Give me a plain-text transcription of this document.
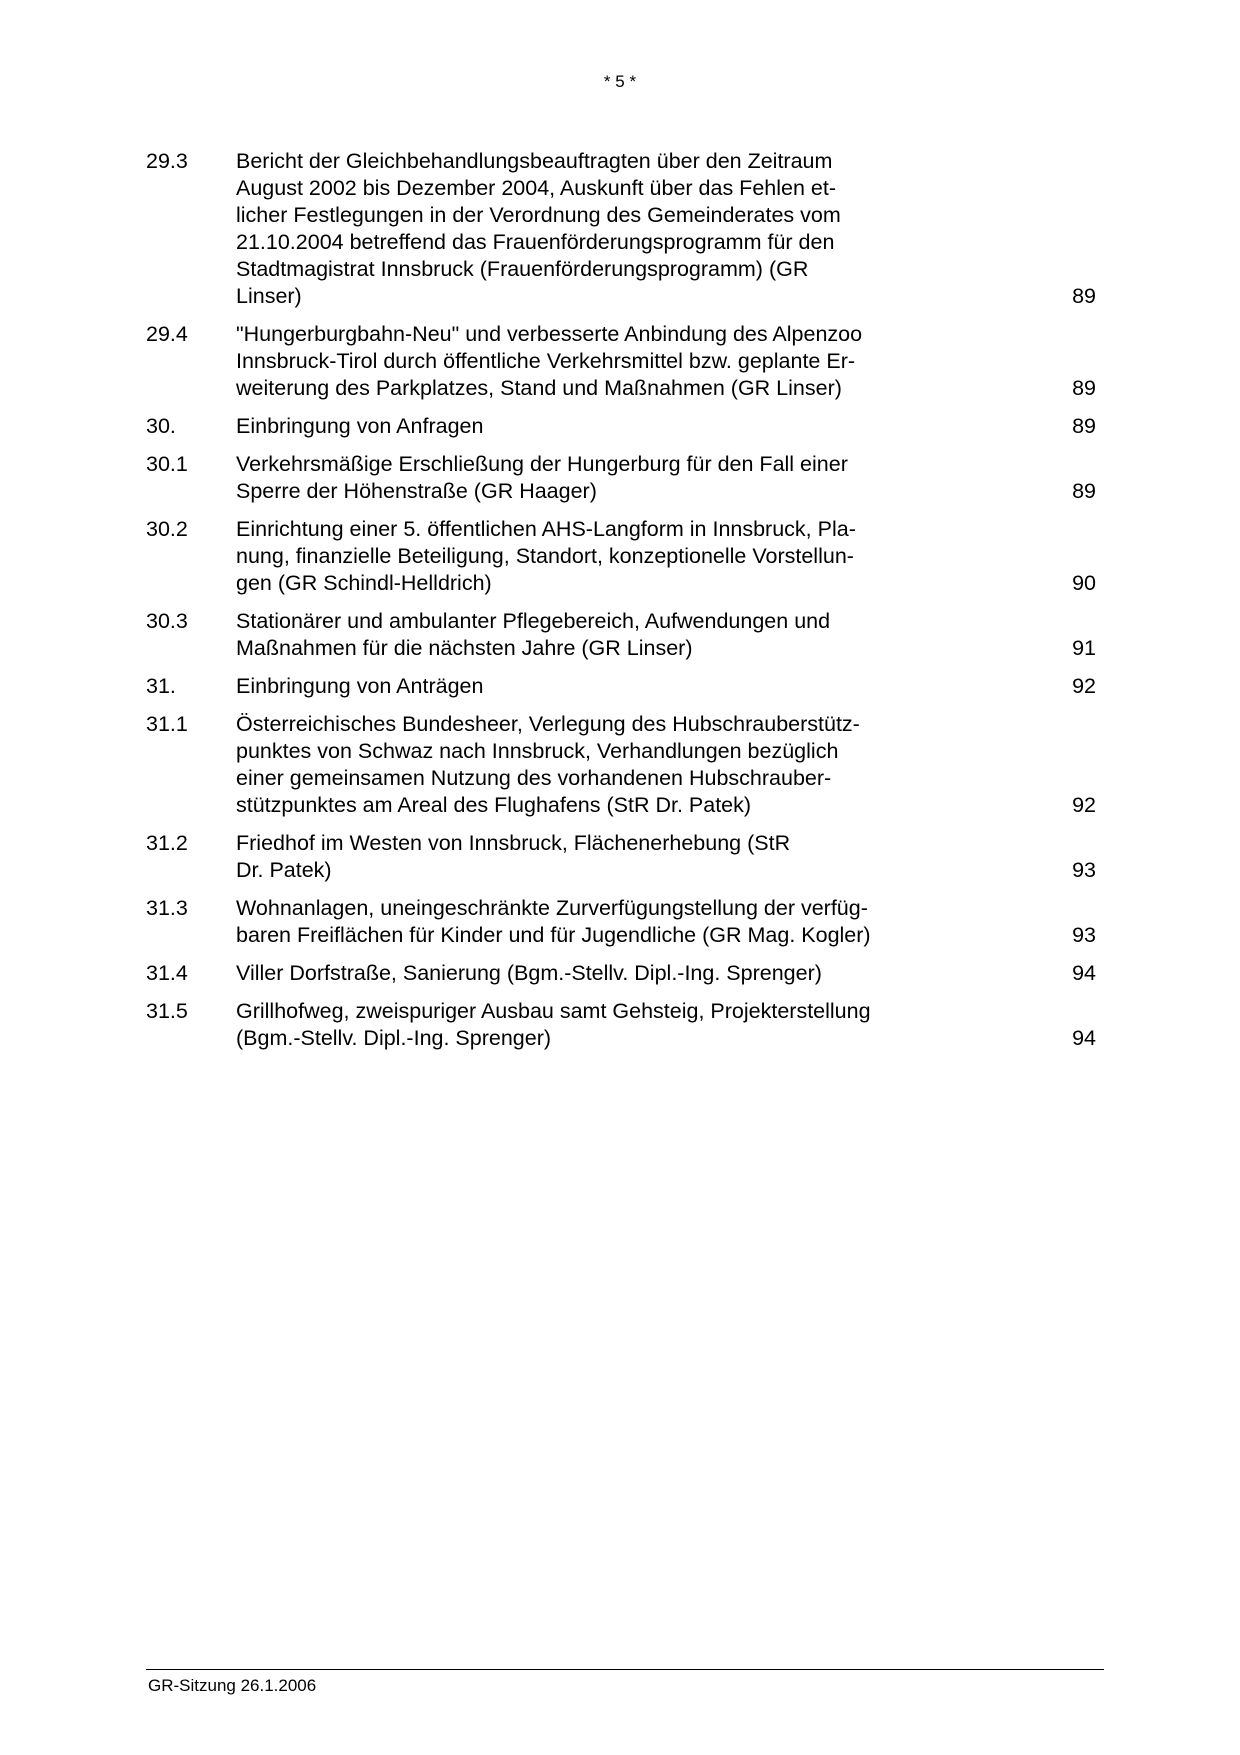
* 5 *
29.3	Bericht der Gleichbehandlungsbeauftragten über den Zeitraum
August 2002 bis Dezember 2004, Auskunft über das Fehlen et-
licher Festlegungen in der Verordnung des Gemeinderates vom
21.10.2004 betreffend das Frauenförderungsprogramm für den
Stadtmagistrat Innsbruck (Frauenförderungsprogramm) (GR
Linser)	89
29.4	"Hungerburgbahn-Neu" und verbesserte Anbindung des Alpenzoo
Innsbruck-Tirol durch öffentliche Verkehrsmittel bzw. geplante Er-
weiterung des Parkplatzes, Stand und Maßnahmen (GR Linser)	89
30.	Einbringung von Anfragen	89
30.1	Verkehrsmäßige Erschließung der Hungerburg für den Fall einer
Sperre der Höhenstraße (GR Haager)	89
30.2	Einrichtung einer 5. öffentlichen AHS-Langform in Innsbruck, Pla-
nung, finanzielle Beteiligung, Standort, konzeptionelle Vorstellun-
gen (GR Schindl-Helldrich)	90
30.3	Stationärer und ambulanter Pflegebereich, Aufwendungen und
Maßnahmen für die nächsten Jahre (GR Linser)	91
31.	Einbringung von Anträgen	92
31.1	Österreichisches Bundesheer, Verlegung des Hubschrauberstütz-
punktes von Schwaz nach Innsbruck, Verhandlungen bezüglich
einer gemeinsamen Nutzung des vorhandenen Hubschrauber-
stützpunktes am Areal des Flughafens (StR Dr. Patek)	92
31.2	Friedhof im Westen von Innsbruck, Flächenerhebung (StR
Dr. Patek)	93
31.3	Wohnanlagen, uneingeschränkte Zurverfügungstellung der verfüg-
baren Freiflächen für Kinder und für Jugendliche (GR Mag. Kogler)	93
31.4	Viller Dorfstraße, Sanierung (Bgm.-Stellv. Dipl.-Ing. Sprenger)	94
31.5	Grillhofweg, zweispuriger Ausbau samt Gehsteig, Projekterstellung
(Bgm.-Stellv. Dipl.-Ing. Sprenger)	94
GR-Sitzung 26.1.2006
